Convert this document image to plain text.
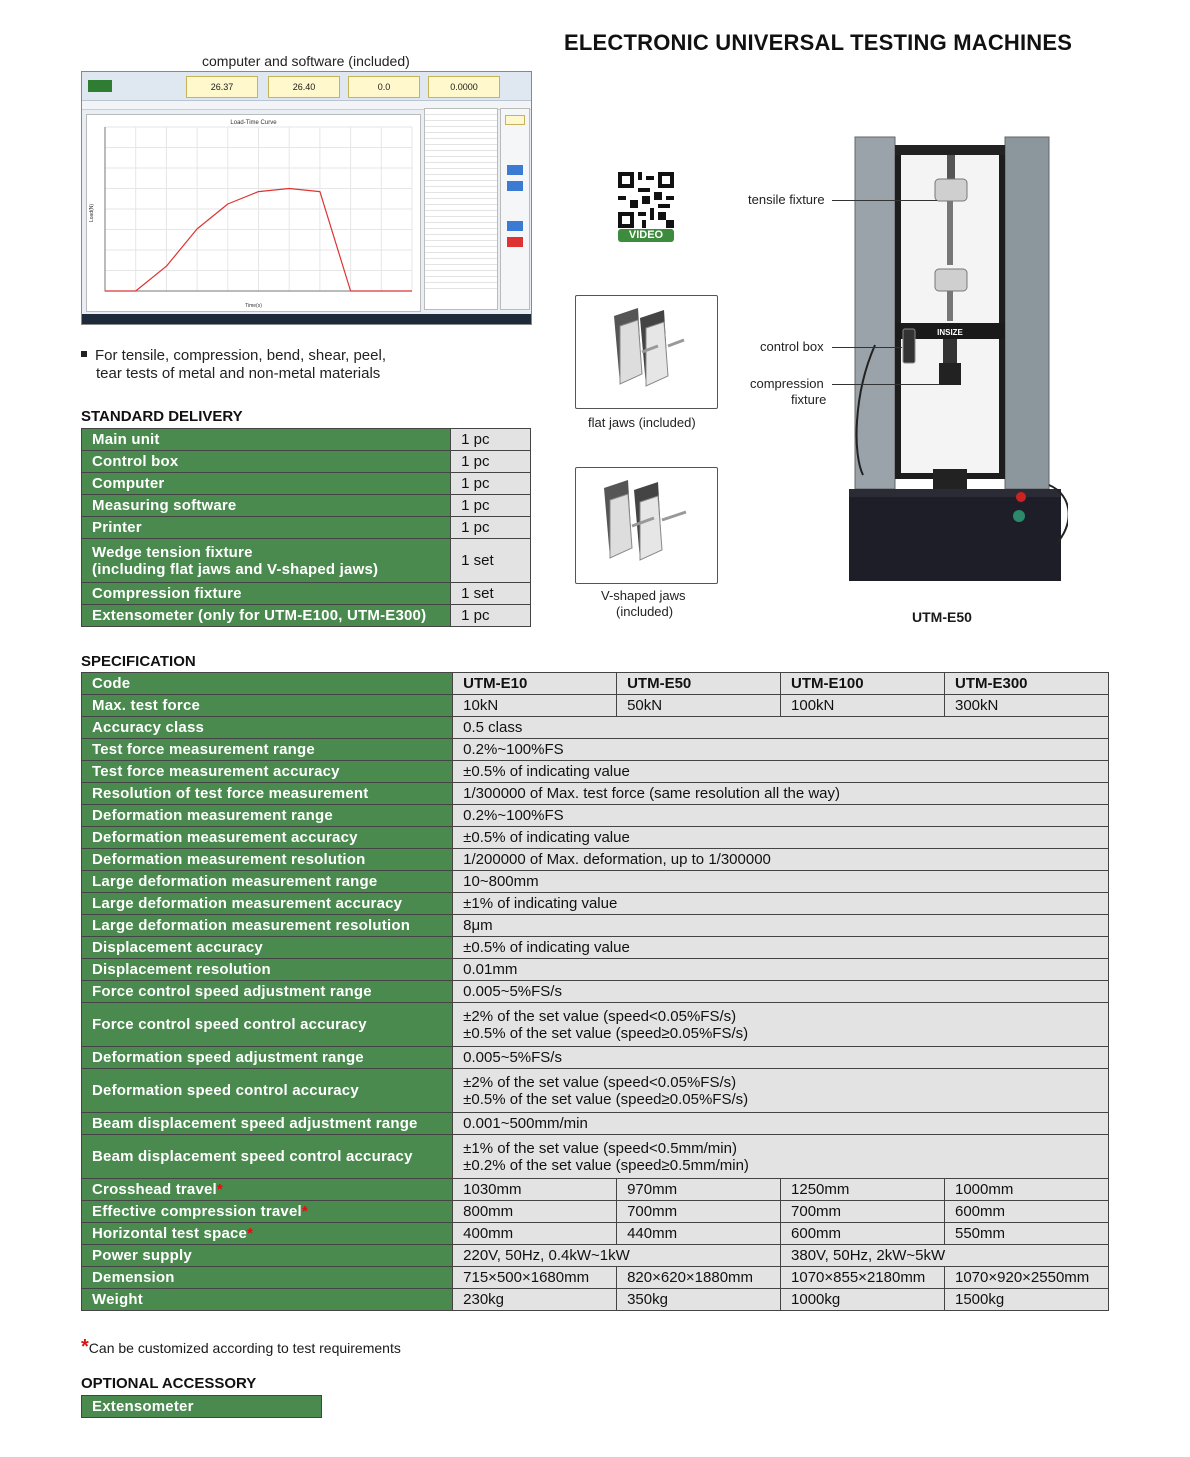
ELECTRONIC UNIVERSAL TESTING MACHINES
computer and software (included)
26.37	26.40	0.0	0.0000
Load-Time Curve
Time(s)
Load(N)
For tensile, compression, bend, shear, peel,
tear tests of metal and non-metal materials
STANDARD DELIVERY
Main unit	1 pc
Control box	1 pc
Computer	1 pc
Measuring software	1 pc
Printer	1 pc

Wedge tension fixture
(including flat jaws and V-shaped jaws)	1 set
Compression fixture	1 set
Extensometer (only for UTM-E100, UTM-E300)	1 pc
VIDEO
flat jaws (included)
V-shaped jaws
(included)
INSIZE
tensile fixture
control box
compression
fixture
UTM-E50
SPECIFICATION
Code	UTM-E10	UTM-E50	UTM-E100	UTM-E300
Max. test force	10kN	50kN	100kN	300kN
Accuracy class	0.5 class			
Test force measurement range	0.2%~100%FS			
Test force measurement accuracy	±0.5% of indicating value			
Resolution of test force measurement	1/300000 of Max. test force (same resolution all the way)			
Deformation measurement range	0.2%~100%FS			
Deformation measurement accuracy	±0.5% of indicating value			
Deformation measurement resolution	1/200000 of Max. deformation, up to 1/300000			
Large deformation measurement range	10~800mm			
Large deformation measurement accuracy	±1% of indicating value			
Large deformation measurement resolution	8μm			
Displacement accuracy	±0.5% of indicating value			
Displacement resolution	0.01mm			
Force control speed adjustment range	0.005~5%FS/s			
Force control speed control accuracy	±2% of the set value (speed<0.05%FS/s)
±0.5% of the set value (speed≥0.05%FS/s)			

Deformation speed adjustment range	0.005~5%FS/s			
Deformation speed control accuracy	±2% of the set value (speed<0.05%FS/s)
±0.5% of the set value (speed≥0.05%FS/s)			

Beam displacement speed adjustment range	0.001~500mm/min			
Beam displacement speed control accuracy	±1% of the set value (speed<0.5mm/min)
±0.2% of the set value (speed≥0.5mm/min)			

Crosshead travel*	1030mm	970mm	1250mm	1000mm
Effective compression travel*	800mm	700mm	700mm	600mm
Horizontal test space*	400mm	440mm	600mm	550mm
Power supply	220V, 50Hz, 0.4kW~1kW		380V, 50Hz, 2kW~5kW	
Demension	715×500×1680mm	820×620×1880mm	1070×855×2180mm	1070×920×2550mm
Weight	230kg	350kg	1000kg	1500kg
*Can be customized according to test requirements
OPTIONAL ACCESSORY
Extensometer
